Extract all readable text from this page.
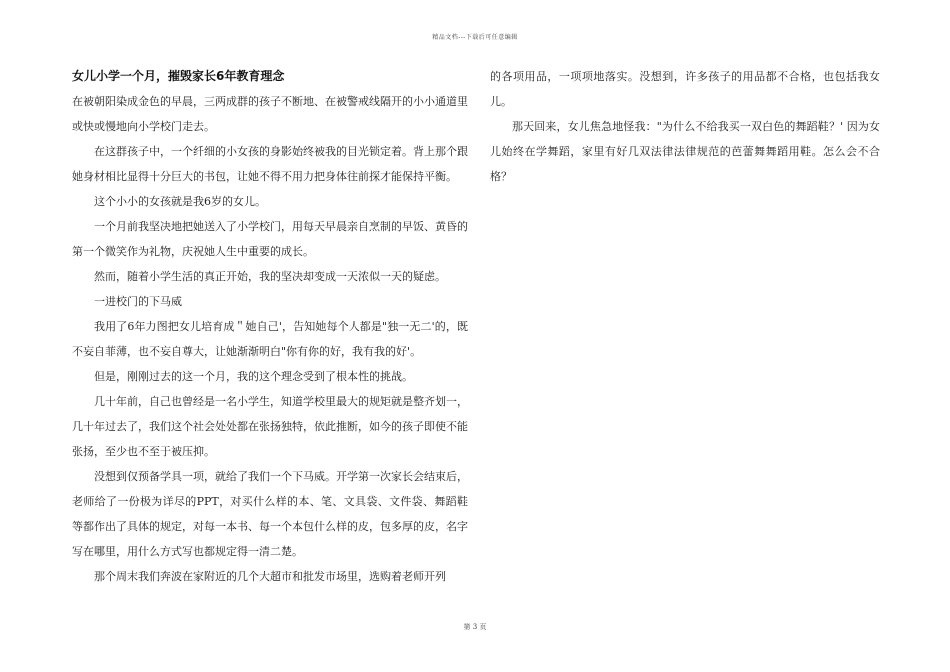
精品文档---下载后可任意编辑
女儿小学一个月，摧毁家长6年教育理念

在被朝阳染成金色的早晨，三两成群的孩子不断地、在被警戒线隔开的小小通道里或快或慢地向小学校门走去。

在这群孩子中，一个纤细的小女孩的身影始终被我的目光锁定着。背上那个跟她身材相比显得十分巨大的书包，让她不得不用力把身体往前探才能保持平衡。

这个小小的女孩就是我6岁的女儿。

一个月前我坚决地把她送入了小学校门，用每天早晨亲自烹制的早饭、黄昏的第一个微笑作为礼物，庆祝她人生中重要的成长。

然而，随着小学生活的真正开始，我的坚决却变成一天浓似一天的疑虑。

一进校门的下马威

我用了6年力图把女儿培育成＂她自己'，告知她每个人都是"独一无二'的，既不妄自菲薄，也不妄自尊大，让她渐渐明白"你有你的好，我有我的好'。

但是，刚刚过去的这一个月，我的这个理念受到了根本性的挑战。

几十年前，自己也曾经是一名小学生，知道学校里最大的规矩就是整齐划一，几十年过去了，我们这个社会处处都在张扬独特，依此推断，如今的孩子即使不能张扬，至少也不至于被压抑。

没想到仅预备学具一项，就给了我们一个下马威。开学第一次家长会结束后，老师给了一份极为详尽的PPT，对买什么样的本、笔、文具袋、文件袋、舞蹈鞋等都作出了具体的规定，对每一本书、每一个本包什么样的皮，包多厚的皮，名字写在哪里，用什么方式写也都规定得一清二楚。

那个周末我们奔波在家附近的几个大超市和批发市场里，选购着老师开列

的各项用品，一项项地落实。没想到，许多孩子的用品都不合格，也包括我女儿。

那天回来，女儿焦急地怪我："为什么不给我买一双白色的舞蹈鞋？' 因为女儿始终在学舞蹈，家里有好几双法律法律规范的芭蕾舞舞蹈用鞋。怎么会不合格？

第 3 页
